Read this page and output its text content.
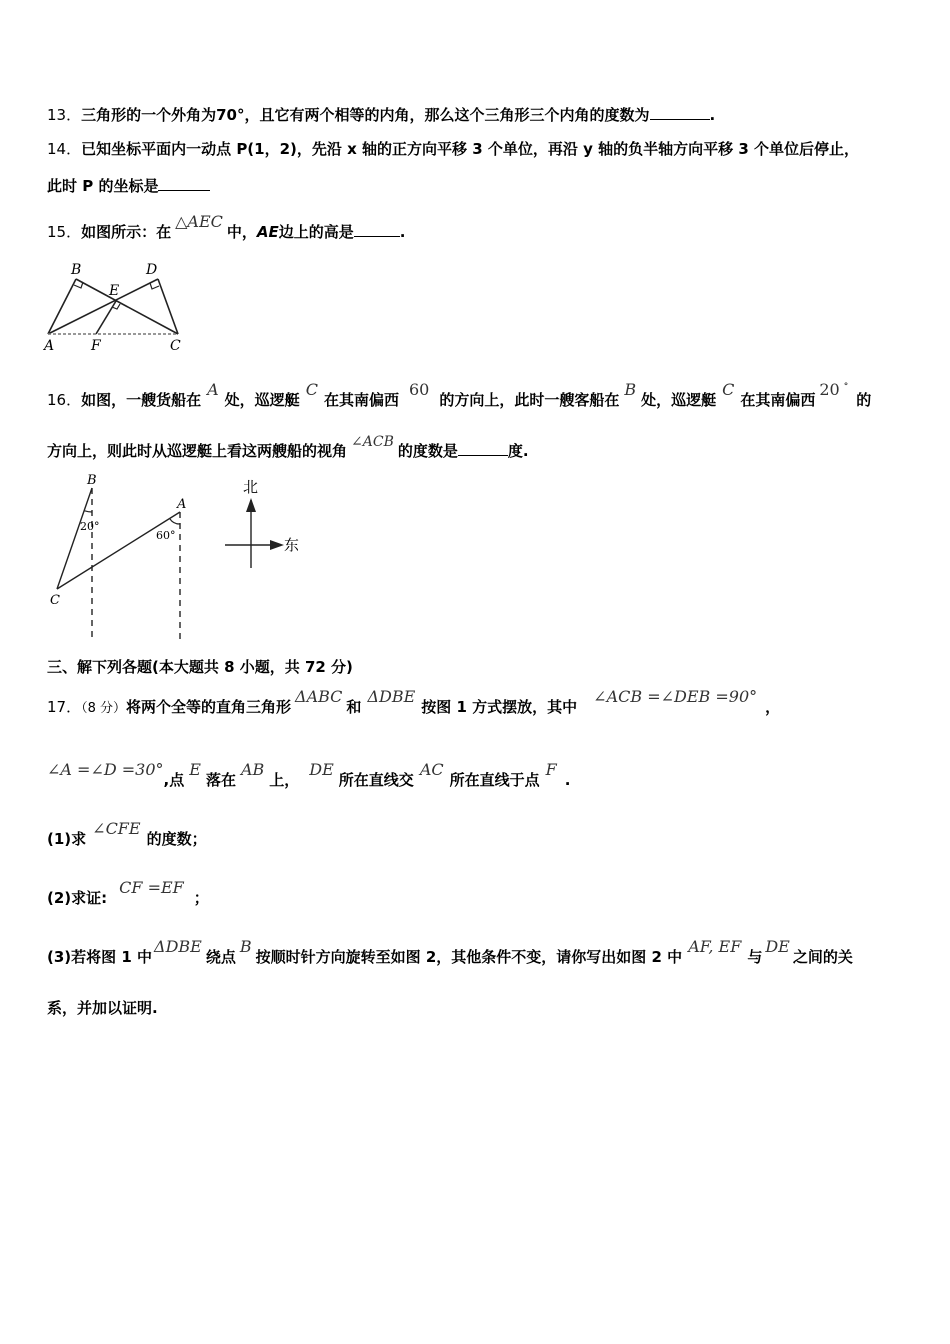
13．三角形的一个外角为70°，且它有两个相等的内角，那么这个三角形三个内角的度数为	.
14．已知坐标平面内一动点 P(1，2)，先沿 x 轴的正方向平移 3 个单位，再沿 y 轴的负半轴方向平移 3 个单位后停止，
此时 P 的坐标是
15．如图所示：在△AEC中，AE边上的高是	.
B	D
E
A	F	C
16．如图，一艘货船在A处，巡逻艇C在其南偏西60的方向上，此时一艘客船在B处，巡逻艇C在其南偏西20 °的
方向上，则此时从巡逻艇上看这两艘船的视角 ∠ACB 的度数是	度.
B
A
C
20°
60°
北
东
三、解下列各题(本大题共 8 小题，共 72 分)
17．（8 分）将两个全等的直角三角形ΔABC和ΔDBE按图 1 方式摆放，其中∠ACB =∠DEB =90°，
∠A =∠D =30°,点E落在AB上，DE所在直线交AC所在直线于点F.
(1)求∠CFE的度数；
(2)求证:CF =EF；
(3)若将图 1 中ΔDBE绕点B按顺时针方向旋转至如图 2，其他条件不变，请你写出如图 2 中AF, EF与DE之间的关
系，并加以证明.
